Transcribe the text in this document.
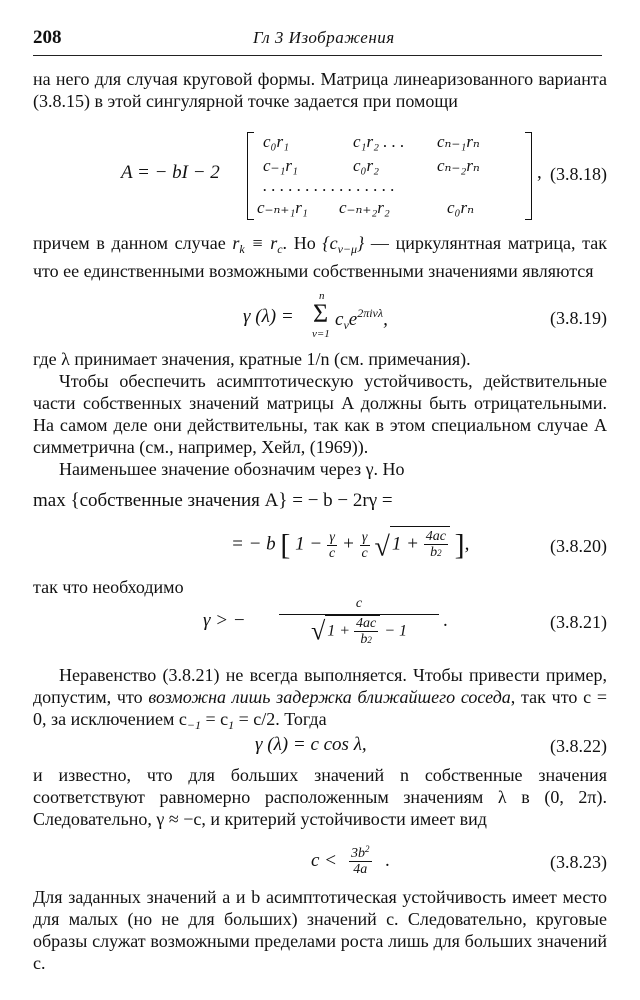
208	Гл 3 Изображения
на него для случая круговой формы. Матрица линеаризованного варианта (3.8.15) в этой сингулярной точке задается при помощи
A = − bI − 2
c₀r₁	c₁r₂ . . . cₙ₋₁rₙ
c₋₁r₁	c₀r₂	cₙ₋₂rₙ
. . . . . . . . . . . . . . . .
c₋ₙ₊₁r₁ c₋ₙ₊₂r₂	c₀rₙ
, (3.8.18)
причем в данном случае $r_k \equiv r_c$. Но $\{c_{\nu-\mu}\}$ — циркулянтная матрица, так что ее единственными возможными собственными значениями являются
γ (λ) =
n
Σ
ν=1
$c_\nu e^{2\pi i\nu\lambda}$,	(3.8.19)
где λ принимает значения, кратные 1/n (см. примечания).
Чтобы обеспечить асимптотическую устойчивость, действительные части собственных значений матрицы A должны быть отрицательными. На самом деле они действительны, так как в этом специальном случае A симметрична (см., например, Хейл, (1969)).
Наименьшее значение обозначим через γ. Но
max {собственные значения A} = − b − 2rγ =
= − b [ $1 - \frac{\gamma}{c} + \frac{\gamma}{c}$ √ $1 + \frac{4ac}{b2}$ ],	(3.8.20)
так что необходимо
γ > −
c
√ $1 + \frac{4ac}{b2} - 1$
.	(3.8.21)
Неравенство (3.8.21) не всегда выполняется. Чтобы привести пример, допустим, что возможна лишь задержка ближайшего соседа, так что c = 0, за исключением $c_{-1} = c_1 = c/2$. Тогда
γ (λ) = c cos λ,	(3.8.22)
и известно, что для больших значений n собственные значения соответствуют равномерно расположенным значениям λ в (0, 2π). Следовательно, γ ≈ −c, и критерий устойчивости имеет вид
$c < \frac{3b^2}{4a}$ .	(3.8.23)
Для заданных значений a и b асимптотическая устойчивость имеет место для малых (но не для больших) значений c. Следовательно, круговые образы служат возможными пределами роста лишь для больших значений c.
